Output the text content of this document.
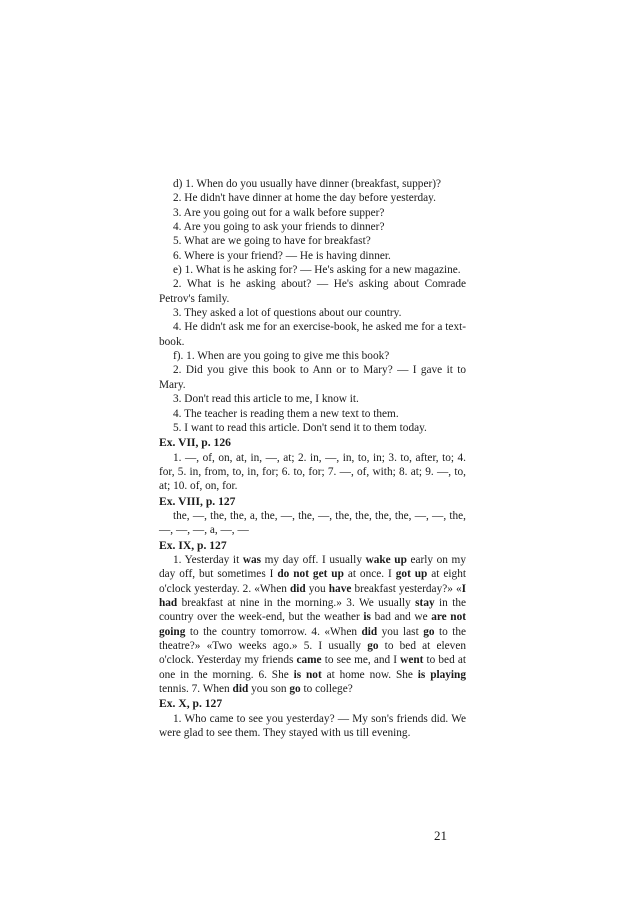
d) 1. When do you usually have dinner (breakfast, supper)?

2. He didn't have dinner at home the day before yesterday.

3. Are you going out for a walk before supper?

4. Are you going to ask your friends to dinner?

5. What are we going to have for breakfast?

6. Where is your friend? — He is having dinner.

e) 1. What is he asking for? — He's asking for a new magazine.

2. What is he asking about? — He's asking about Comrade Petrov's family.

3. They asked a lot of questions about our country.

4. He didn't ask me for an exercise-book, he asked me for a text-book.

f). 1. When are you going to give me this book?

2. Did you give this book to Ann or to Mary? — I gave it to Mary.

3. Don't read this article to me, I know it.

4. The teacher is reading them a new text to them.

5. I want to read this article. Don't send it to them today.

Ex. VII, p. 126

1. —, of, on, at, in, —, at; 2. in, —, in, to, in; 3. to, after, to; 4. for, 5. in, from, to, in, for; 6. to, for; 7. —, of, with; 8. at; 9. —, to, at; 10. of, on, for.

Ex. VIII, p. 127

the, —, the, the, a, the, —, the, —, the, the, the, the, —, —, the, —, —, —, a, —, —

Ex. IX, p. 127

1. Yesterday it was my day off. I usually wake up early on my day off, but sometimes I do not get up at once. I got up at eight o'clock yesterday. 2. «When did you have breakfast yesterday?» «I had breakfast at nine in the morning.» 3. We usually stay in the country over the week-end, but the weather is bad and we are not going to the country tomorrow. 4. «When did you last go to the theatre?» «Two weeks ago.» 5. I usually go to bed at eleven o'clock. Yesterday my friends came to see me, and I went to bed at one in the morning. 6. She is not at home now. She is playing tennis. 7. When did you son go to college?

Ex. X, p. 127

1. Who came to see you yesterday? — My son's friends did. We were glad to see them. They stayed with us till evening.

21
